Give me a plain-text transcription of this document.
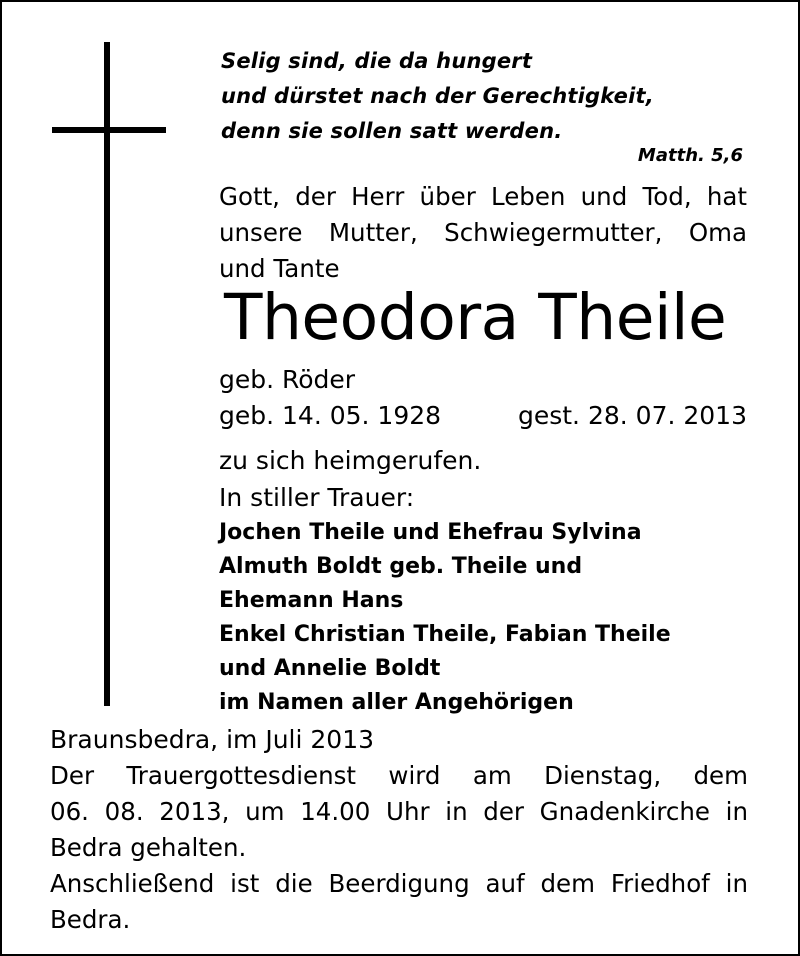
Selig sind, die da hungert
und dürstet nach der Gerechtigkeit,
denn sie sollen satt werden.
Matth. 5,6
Gott, der Herr über Leben und Tod, hat
unsere Mutter, Schwiegermutter, Oma
und Tante
Theodora Theile
geb. Röder
geb. 14. 05. 1928	gest. 28. 07. 2013
zu sich heimgerufen.
In stiller Trauer:
Jochen Theile und Ehefrau Sylvina
Almuth Boldt geb. Theile und
Ehemann Hans
Enkel Christian Theile, Fabian Theile
und Annelie Boldt
im Namen aller Angehörigen
Braunsbedra, im Juli 2013
Der Trauergottesdienst wird am Dienstag, dem
06. 08. 2013, um 14.00 Uhr in der Gnadenkirche in
Bedra gehalten.
Anschließend ist die Beerdigung auf dem Friedhof in
Bedra.
